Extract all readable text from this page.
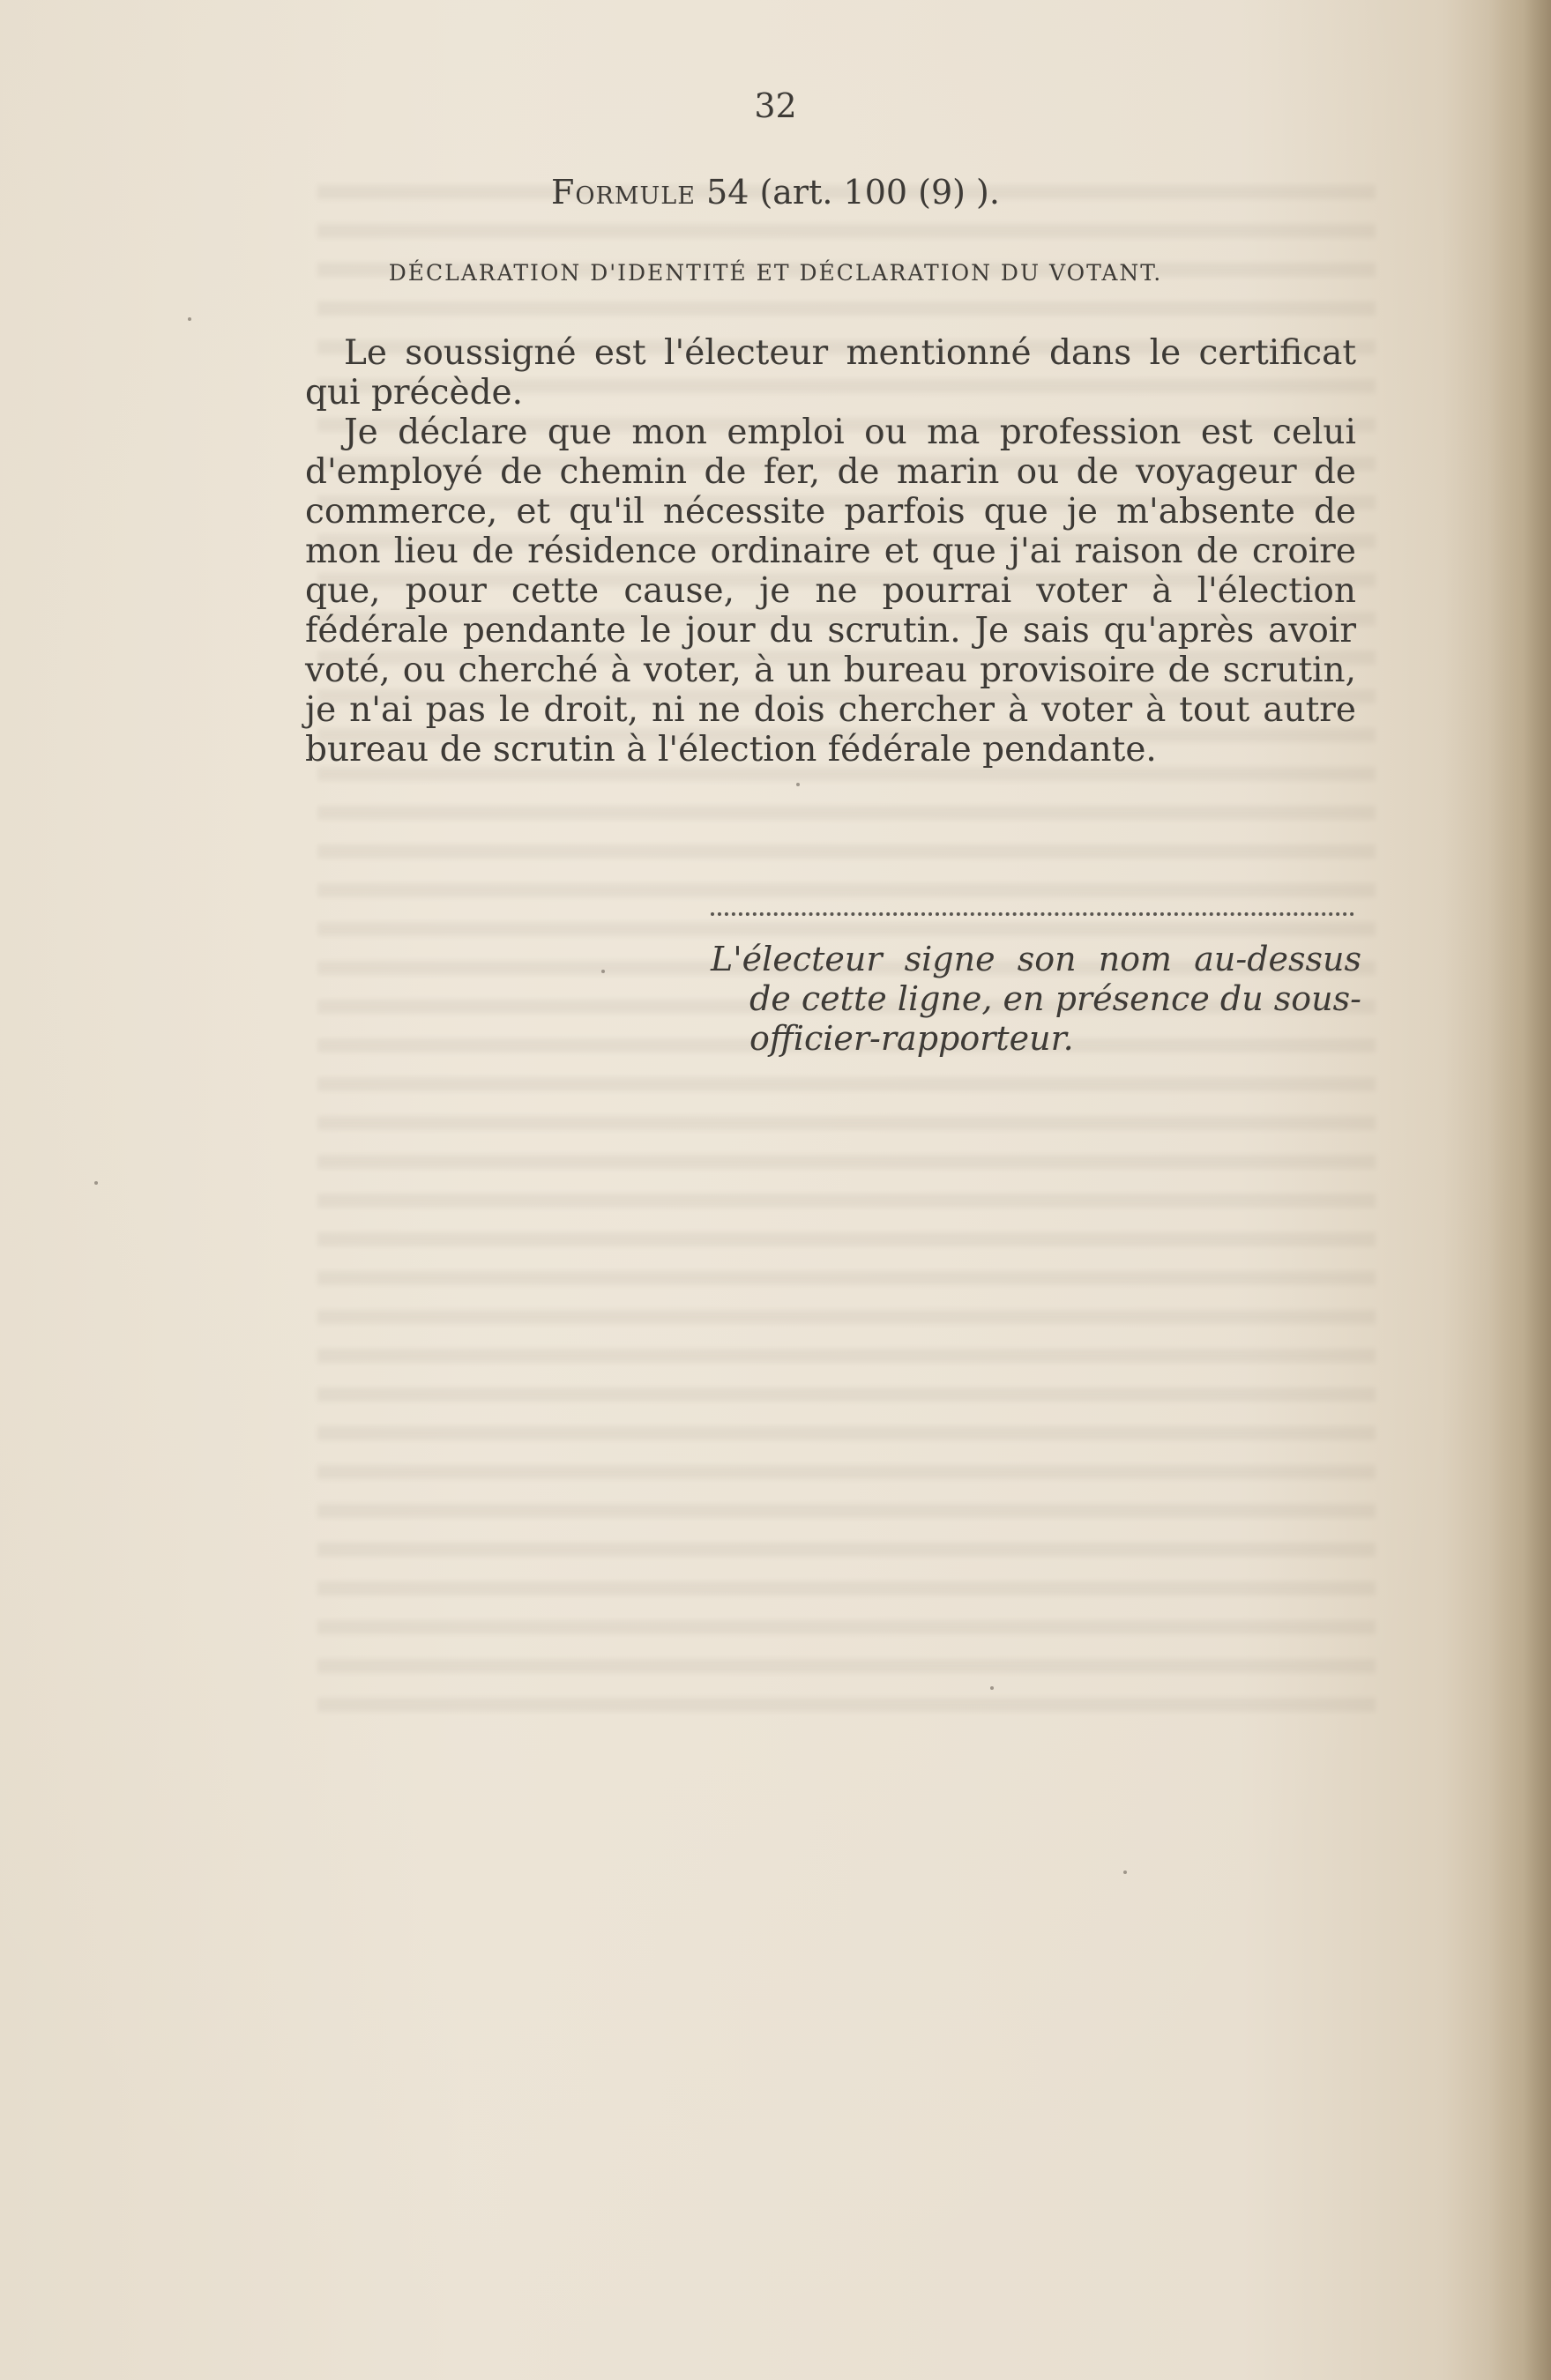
32
Formule 54 (art. 100 (9) ).
DÉCLARATION D'IDENTITÉ ET DÉCLARATION DU VOTANT.

Le soussigné est l'électeur mentionné dans le certificat qui précède.

Je déclare que mon emploi ou ma profession est celui d'employé de chemin de fer, de marin ou de voyageur de commerce, et qu'il nécessite parfois que je m'absente de mon lieu de résidence ordinaire et que j'ai raison de croire que, pour cette cause, je ne pourrai voter à l'élection fédérale pendante le jour du scrutin. Je sais qu'après avoir voté, ou cherché à voter, à un bureau provisoire de scrutin, je n'ai pas le droit, ni ne dois chercher à voter à tout autre bureau de scrutin à l'élection fédérale pendante.

L'électeur signe son nom au-dessus de cette ligne, en présence du sous-officier-rapporteur.
